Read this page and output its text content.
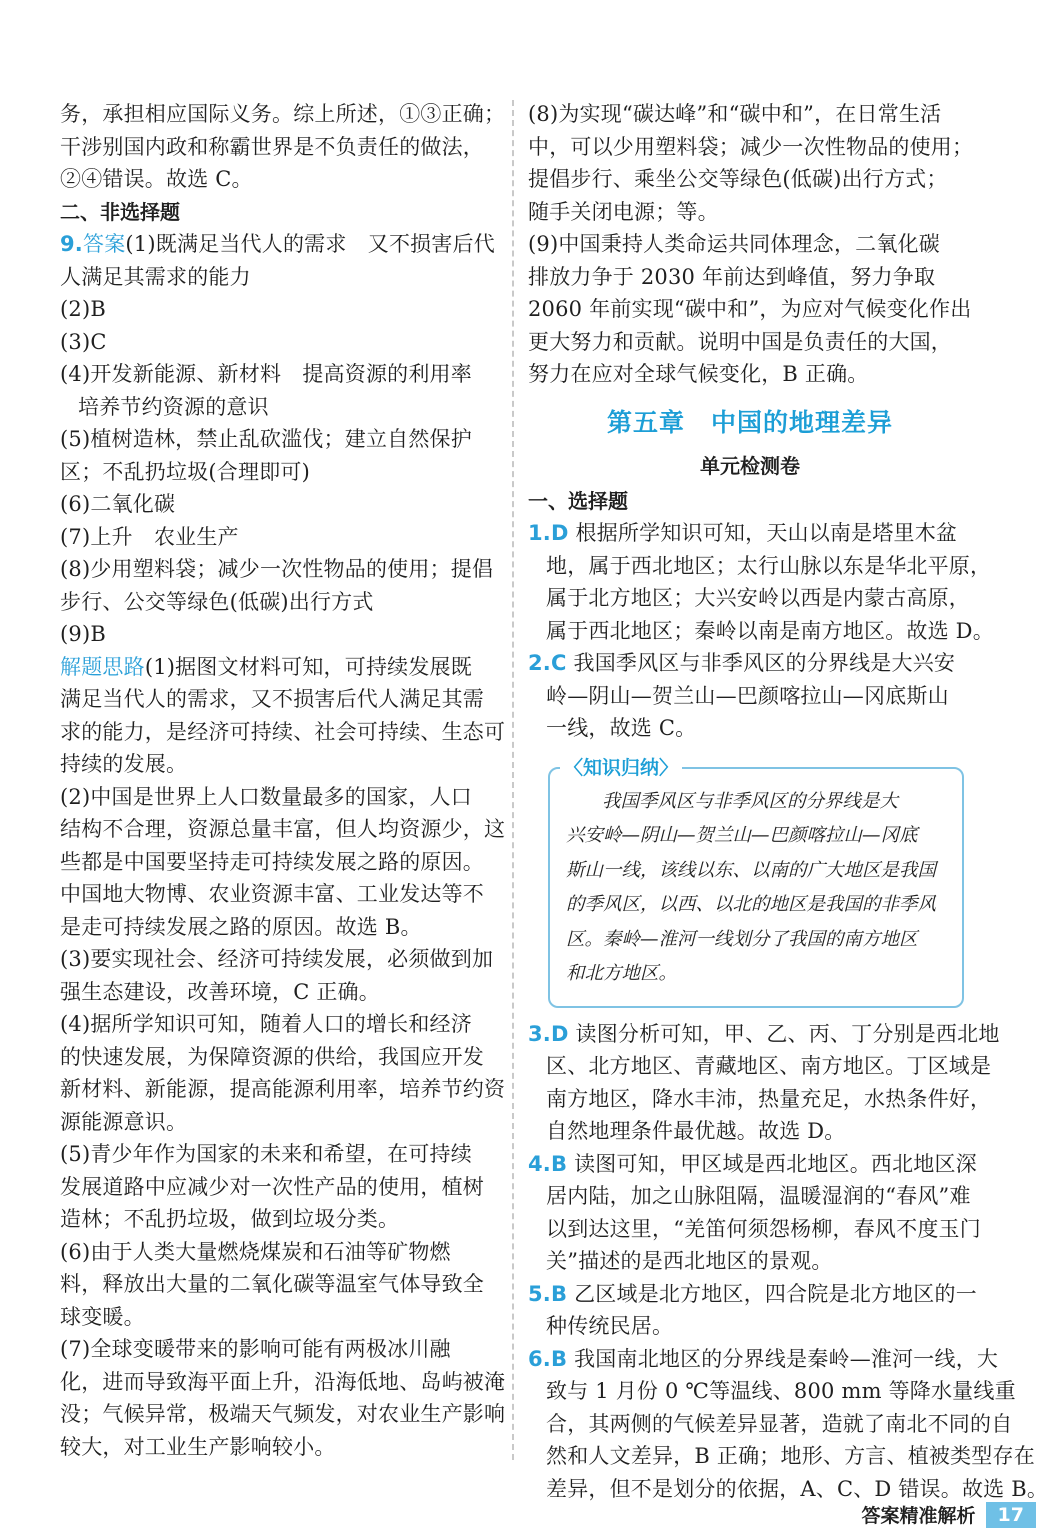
务，承担相应国际义务。综上所述，①③正确；
干涉别国内政和称霸世界是不负责任的做法，
②④错误。故选 C。
二、非选择题
9.答案(1)既满足当代人的需求　又不损害后代
人满足其需求的能力
(2)B
(3)C
(4)开发新能源、新材料　提高资源的利用率
培养节约资源的意识
(5)植树造林，禁止乱砍滥伐；建立自然保护
区；不乱扔垃圾(合理即可)
(6)二氧化碳
(7)上升　农业生产
(8)少用塑料袋；减少一次性物品的使用；提倡
步行、公交等绿色(低碳)出行方式
(9)B
解题思路(1)据图文材料可知，可持续发展既
满足当代人的需求，又不损害后代人满足其需
求的能力，是经济可持续、社会可持续、生态可
持续的发展。
(2)中国是世界上人口数量最多的国家，人口
结构不合理，资源总量丰富，但人均资源少，这
些都是中国要坚持走可持续发展之路的原因。
中国地大物博、农业资源丰富、工业发达等不
是走可持续发展之路的原因。故选 B。
(3)要实现社会、经济可持续发展，必须做到加
强生态建设，改善环境，C 正确。
(4)据所学知识可知，随着人口的增长和经济
的快速发展，为保障资源的供给，我国应开发
新材料、新能源，提高能源利用率，培养节约资
源能源意识。
(5)青少年作为国家的未来和希望，在可持续
发展道路中应减少对一次性产品的使用，植树
造林；不乱扔垃圾，做到垃圾分类。
(6)由于人类大量燃烧煤炭和石油等矿物燃
料，释放出大量的二氧化碳等温室气体导致全
球变暖。
(7)全球变暖带来的影响可能有两极冰川融
化，进而导致海平面上升，沿海低地、岛屿被淹
没；气候异常，极端天气频发，对农业生产影响
较大，对工业生产影响较小。
(8)为实现“碳达峰”和“碳中和”，在日常生活
中，可以少用塑料袋；减少一次性物品的使用；
提倡步行、乘坐公交等绿色(低碳)出行方式；
随手关闭电源；等。
(9)中国秉持人类命运共同体理念，二氧化碳
排放力争于 2030 年前达到峰值，努力争取
2060 年前实现“碳中和”，为应对气候变化作出
更大努力和贡献。说明中国是负责任的大国，
努力在应对全球气候变化，B 正确。
第五章　中国的地理差异
单元检测卷
一、选择题
1.D 根据所学知识可知，天山以南是塔里木盆
地，属于西北地区；太行山脉以东是华北平原，
属于北方地区；大兴安岭以西是内蒙古高原，
属于西北地区；秦岭以南是南方地区。故选 D。
2.C 我国季风区与非季风区的分界线是大兴安
岭—阴山—贺兰山—巴颜喀拉山—冈底斯山
一线，故选 C。
〈知识归纳〉
我国季风区与非季风区的分界线是大
兴安岭—阴山—贺兰山—巴颜喀拉山—冈底
斯山一线，该线以东、以南的广大地区是我国
的季风区，以西、以北的地区是我国的非季风
区。秦岭—淮河一线划分了我国的南方地区
和北方地区。
3.D 读图分析可知，甲、乙、丙、丁分别是西北地
区、北方地区、青藏地区、南方地区。丁区域是
南方地区，降水丰沛，热量充足，水热条件好，
自然地理条件最优越。故选 D。
4.B 读图可知，甲区域是西北地区。西北地区深
居内陆，加之山脉阻隔，温暖湿润的“春风”难
以到达这里，“羌笛何须怨杨柳，春风不度玉门
关”描述的是西北地区的景观。
5.B 乙区域是北方地区，四合院是北方地区的一
种传统民居。
6.B 我国南北地区的分界线是秦岭—淮河一线，大
致与 1 月份 0 ℃等温线、800 mm 等降水量线重
合，其两侧的气候差异显著，造就了南北不同的自
然和人文差异，B 正确；地形、方言、植被类型存在
差异，但不是划分的依据，A、C、D 错误。故选 B。
答案精准解析	17
